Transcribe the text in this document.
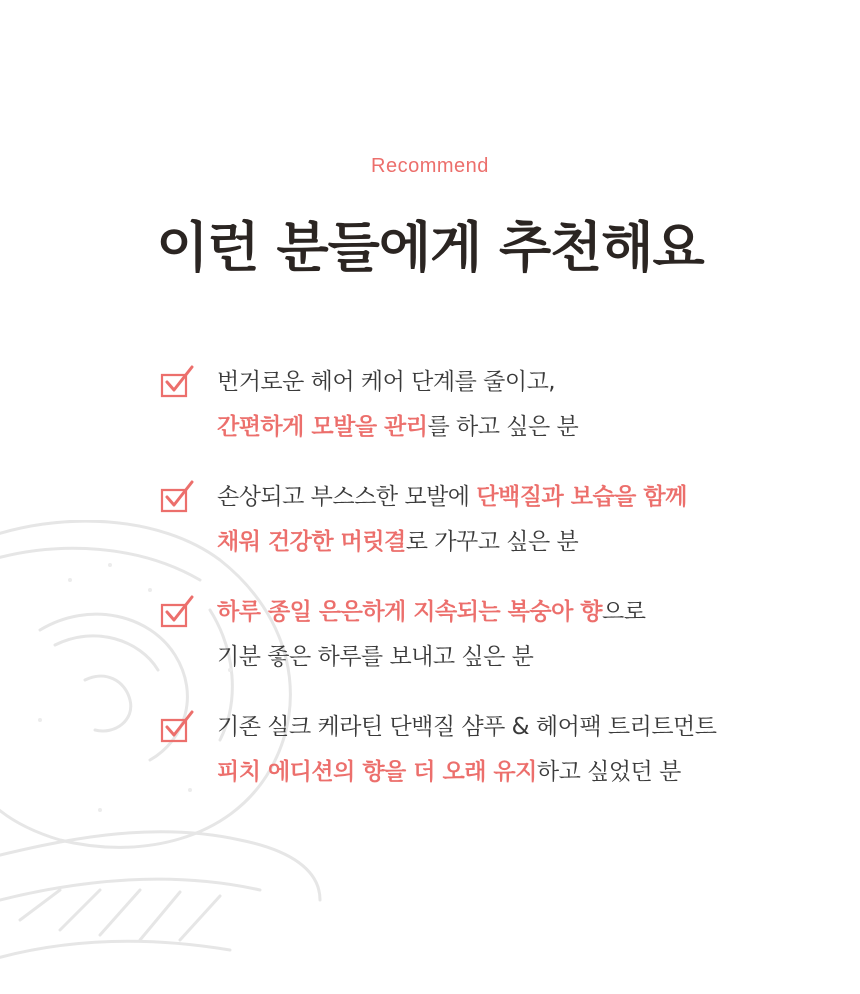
Recommend
이런 분들에게 추천해요
번거로운 헤어 케어 단계를 줄이고,
간편하게 모발을 관리를 하고 싶은 분
손상되고 부스스한 모발에 단백질과 보습을 함께
채워 건강한 머릿결로 가꾸고 싶은 분
하루 종일 은은하게 지속되는 복숭아 향으로
기분 좋은 하루를 보내고 싶은 분
기존 실크 케라틴 단백질 샴푸 & 헤어팩 트리트먼트
피치 에디션의 향을 더 오래 유지하고 싶었던 분
